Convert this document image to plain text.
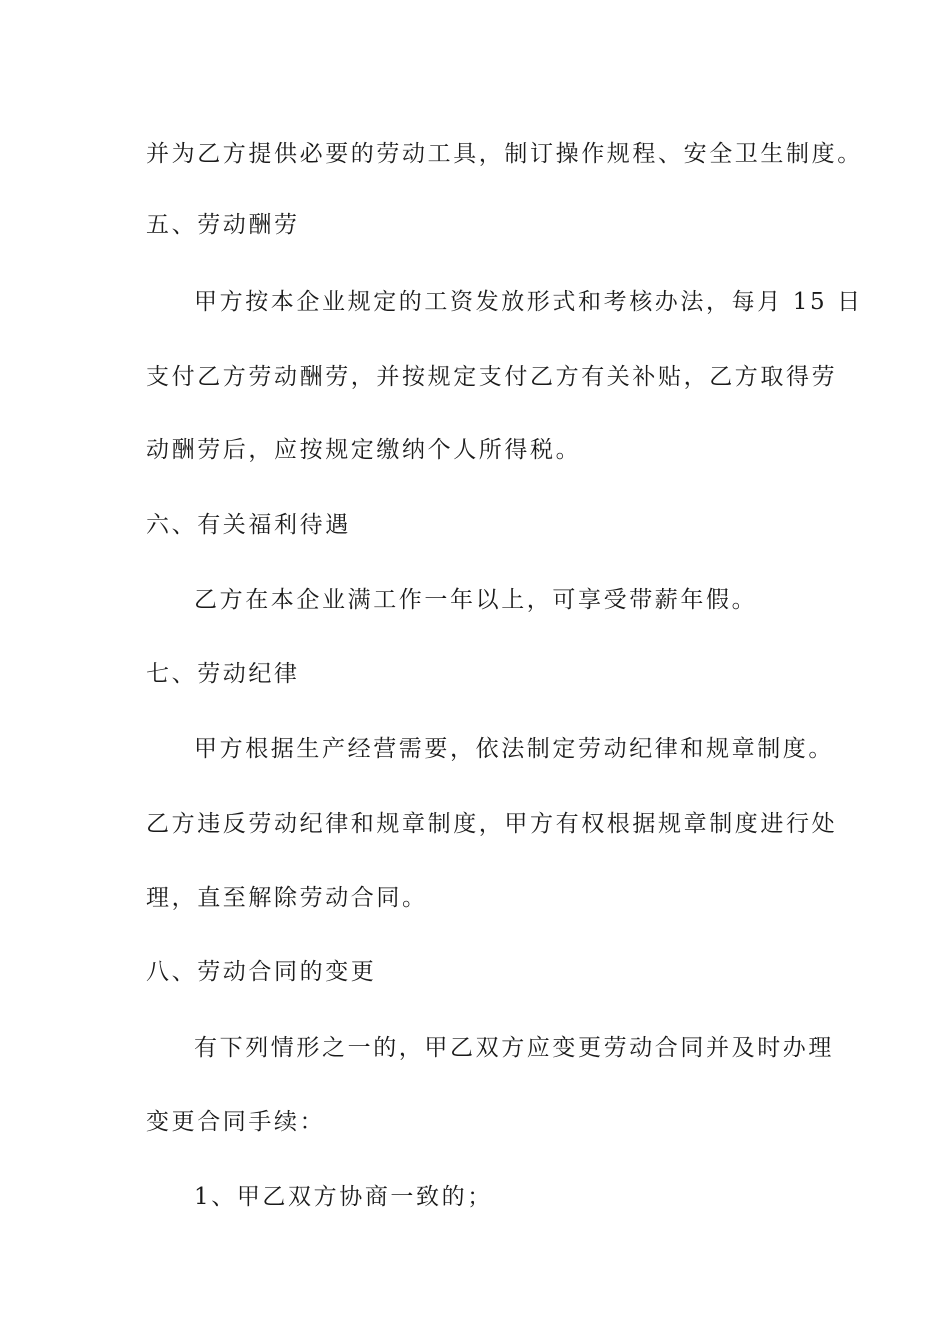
并为乙方提供必要的劳动工具，制订操作规程、安全卫生制度。
五、劳动酬劳
甲方按本企业规定的工资发放形式和考核办法，每月 15 日
支付乙方劳动酬劳，并按规定支付乙方有关补贴，乙方取得劳
动酬劳后，应按规定缴纳个人所得税。
六、有关福利待遇
乙方在本企业满工作一年以上，可享受带薪年假。
七、劳动纪律
甲方根据生产经营需要，依法制定劳动纪律和规章制度。
乙方违反劳动纪律和规章制度，甲方有权根据规章制度进行处
理，直至解除劳动合同。
八、劳动合同的变更
有下列情形之一的，甲乙双方应变更劳动合同并及时办理
变更合同手续：
1、甲乙双方协商一致的；
